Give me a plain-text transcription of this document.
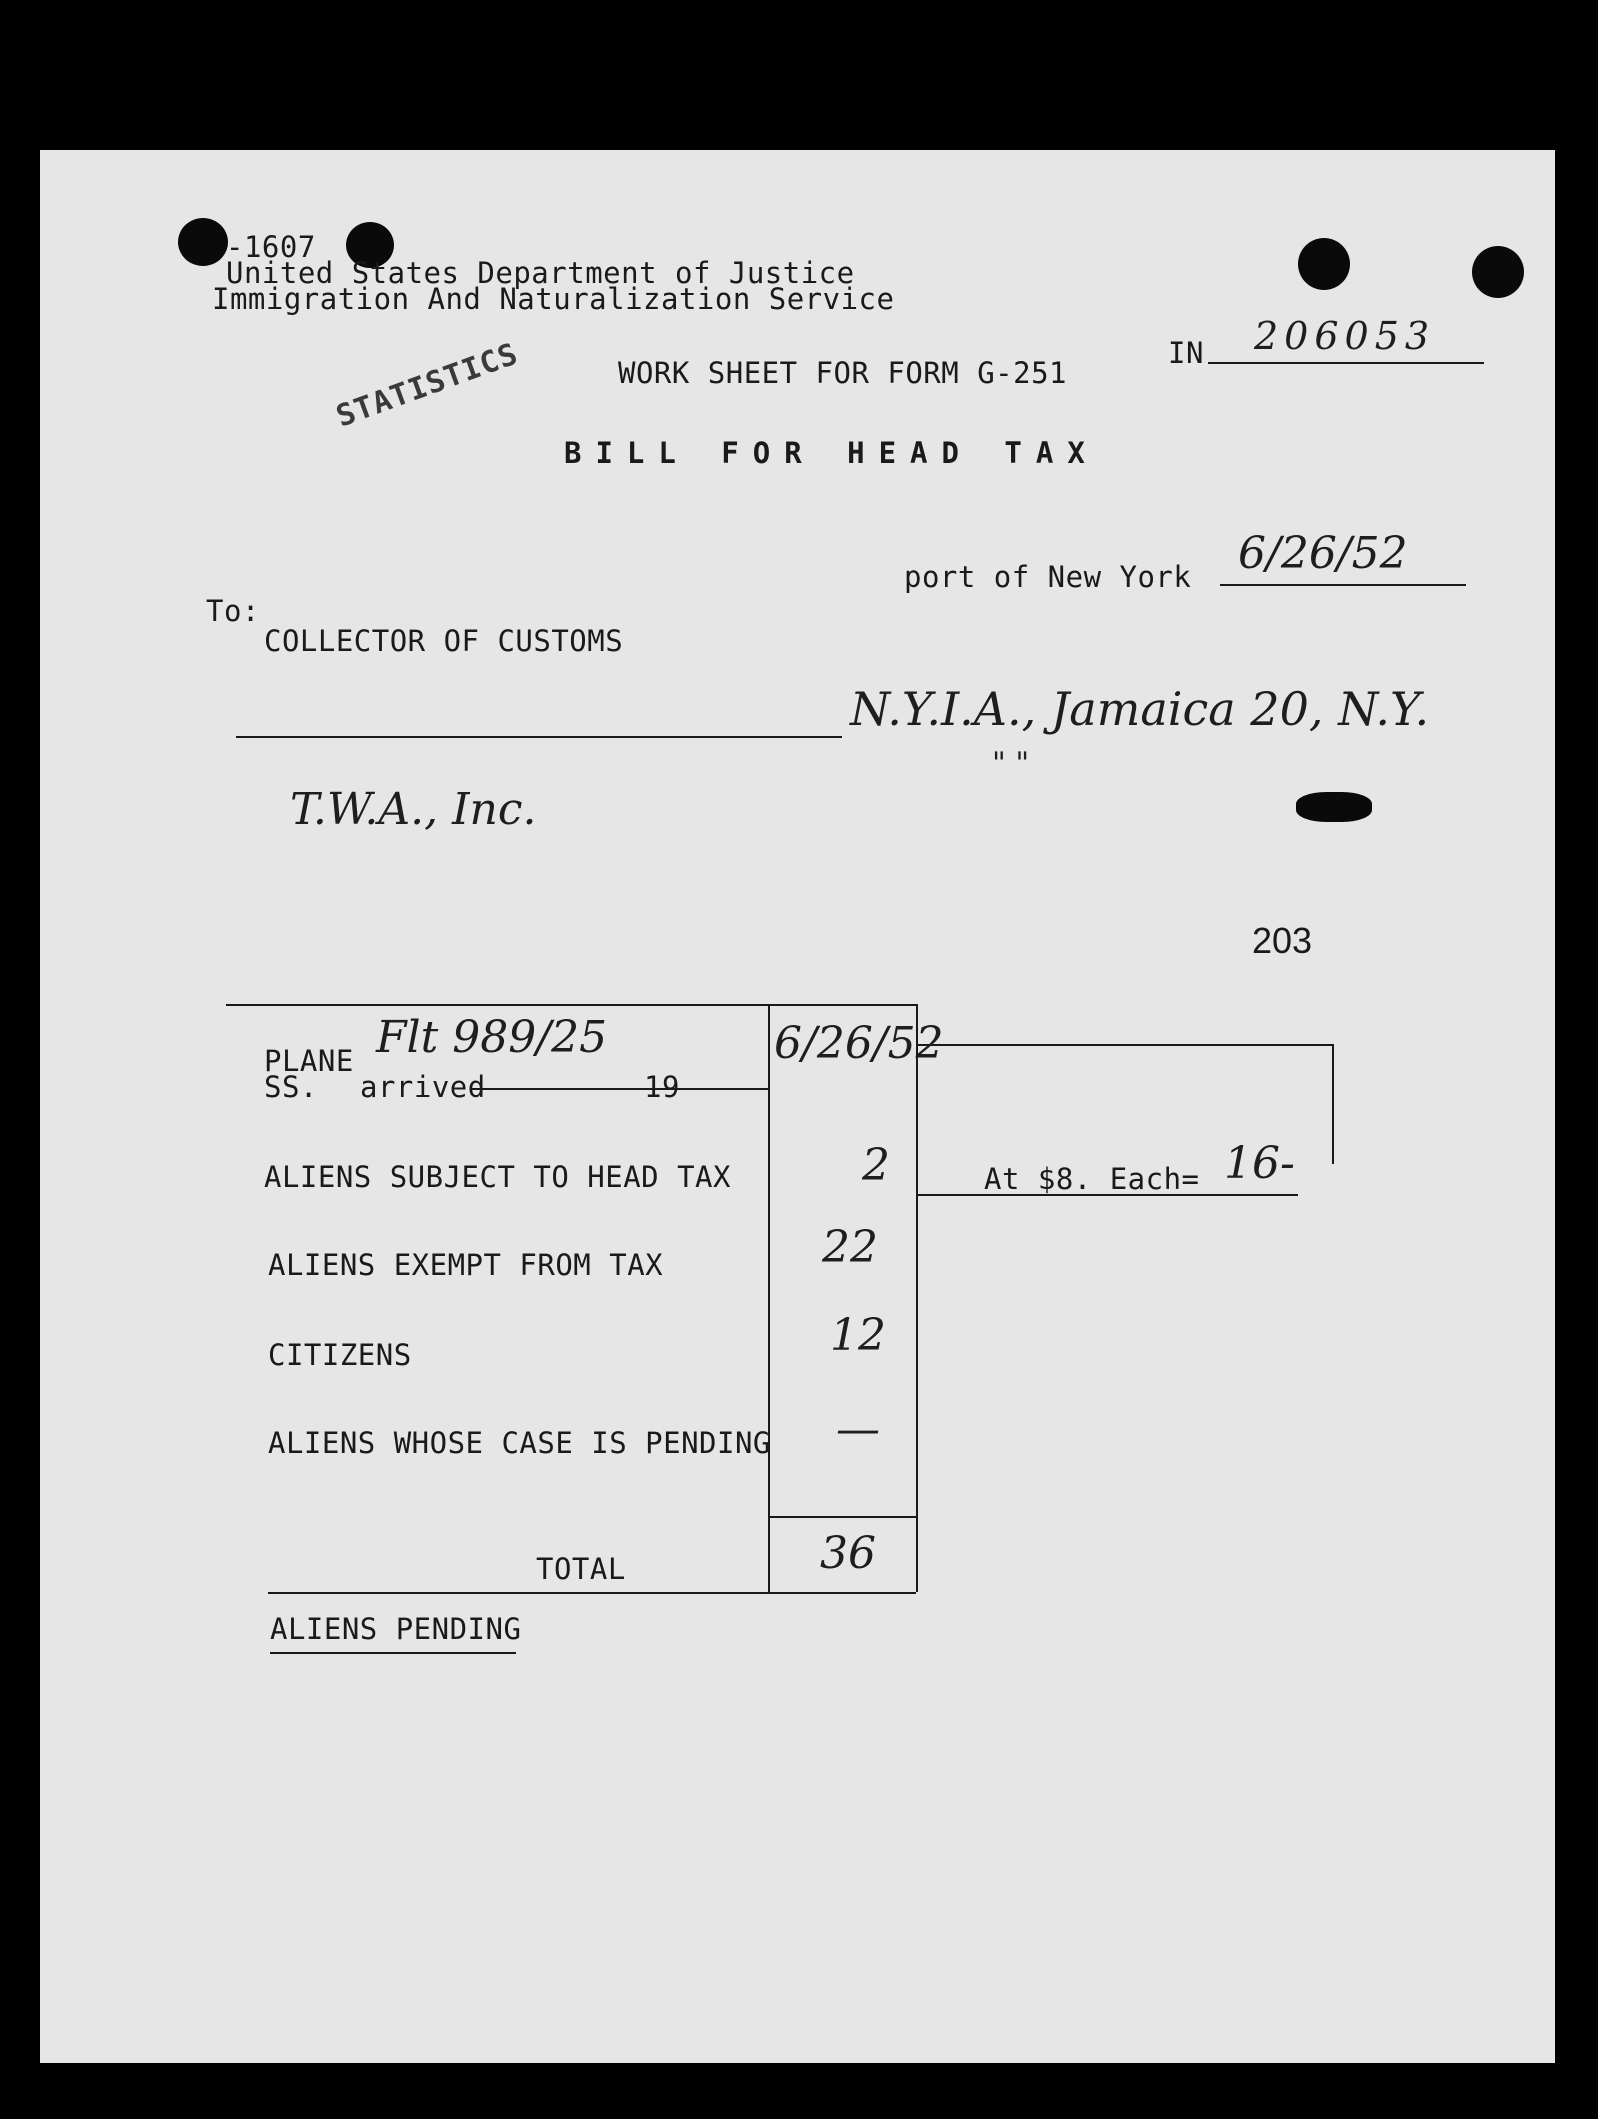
-1607
United States Department of Justice
Immigration And Naturalization Service
STATISTICS	WORK SHEET FOR FORM G-251
BILL FOR HEAD TAX
IN 206053
port of New York 6/26/52
To:
COLLECTOR OF CUSTOMS
N.Y.I.A., Jamaica 20, N.Y.
" "
T.W.A., Inc.
203
PLANE Flt 989/25
SS. arrived	19
6/26/52
ALIENS SUBJECT TO HEAD TAX	2	At $8. Each= 16-
ALIENS EXEMPT FROM TAX	22
CITIZENS	12
ALIENS WHOSE CASE IS PENDING —
TOTAL	36
ALIENS PENDING
